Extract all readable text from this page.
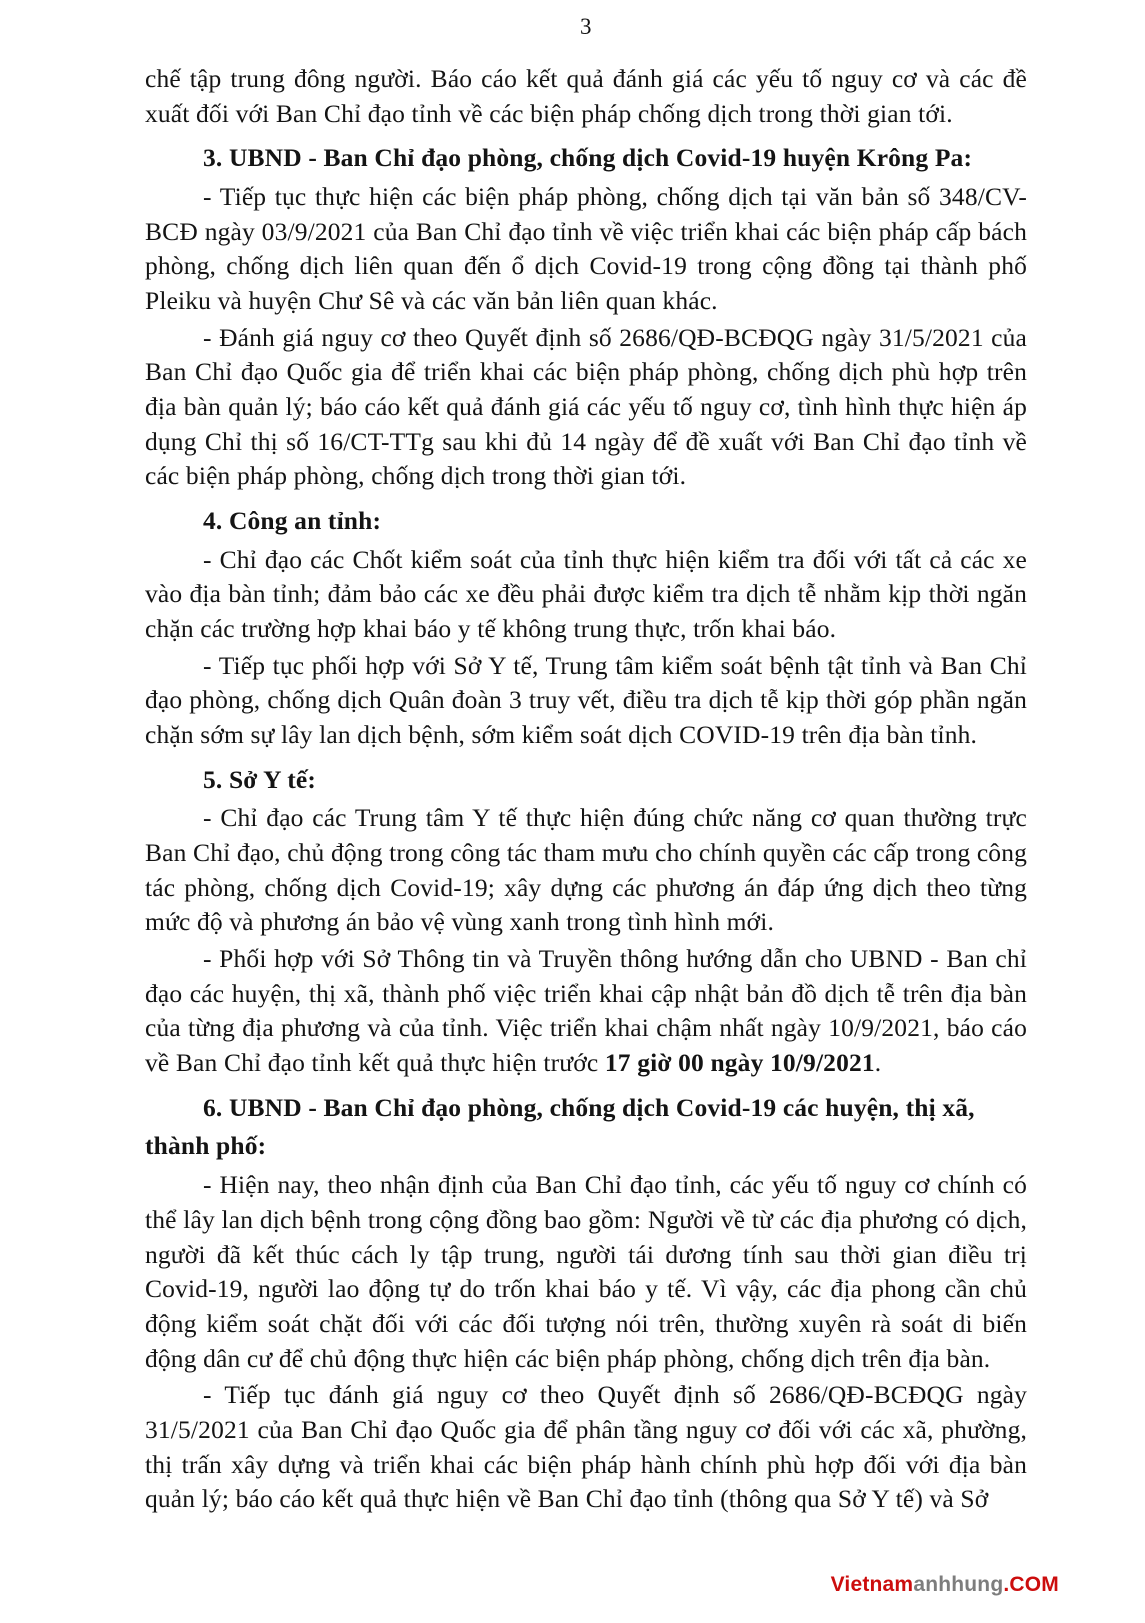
3

chế tập trung đông người. Báo cáo kết quả đánh giá các yếu tố nguy cơ và các đề xuất đối với Ban Chỉ đạo tỉnh về các biện pháp chống dịch trong thời gian tới.

3. UBND - Ban Chỉ đạo phòng, chống dịch Covid-19 huyện Krông Pa:

- Tiếp tục thực hiện các biện pháp phòng, chống dịch tại văn bản số 348/CV-BCĐ ngày 03/9/2021 của Ban Chỉ đạo tỉnh về việc triển khai các biện pháp cấp bách phòng, chống dịch liên quan đến ổ dịch Covid-19 trong cộng đồng tại thành phố Pleiku và huyện Chư Sê và các văn bản liên quan khác.

- Đánh giá nguy cơ theo Quyết định số 2686/QĐ-BCĐQG ngày 31/5/2021 của Ban Chỉ đạo Quốc gia để triển khai các biện pháp phòng, chống dịch phù hợp trên địa bàn quản lý; báo cáo kết quả đánh giá các yếu tố nguy cơ, tình hình thực hiện áp dụng Chỉ thị số 16/CT-TTg sau khi đủ 14 ngày để đề xuất với Ban Chỉ đạo tỉnh về các biện pháp phòng, chống dịch trong thời gian tới.

4. Công an tỉnh:

- Chỉ đạo các Chốt kiểm soát của tỉnh thực hiện kiểm tra đối với tất cả các xe vào địa bàn tỉnh; đảm bảo các xe đều phải được kiểm tra dịch tễ nhằm kịp thời ngăn chặn các trường hợp khai báo y tế không trung thực, trốn khai báo.

- Tiếp tục phối hợp với Sở Y tế, Trung tâm kiểm soát bệnh tật tỉnh và Ban Chỉ đạo phòng, chống dịch Quân đoàn 3 truy vết, điều tra dịch tễ kịp thời góp phần ngăn chặn sớm sự lây lan dịch bệnh, sớm kiểm soát dịch COVID-19 trên địa bàn tỉnh.

5. Sở Y tế:

- Chỉ đạo các Trung tâm Y tế thực hiện đúng chức năng cơ quan thường trực Ban Chỉ đạo, chủ động trong công tác tham mưu cho chính quyền các cấp trong công tác phòng, chống dịch Covid-19; xây dựng các phương án đáp ứng dịch theo từng mức độ và phương án bảo vệ vùng xanh trong tình hình mới.

- Phối hợp với Sở Thông tin và Truyền thông hướng dẫn cho UBND - Ban chỉ đạo các huyện, thị xã, thành phố việc triển khai cập nhật bản đồ dịch tễ trên địa bàn của từng địa phương và của tỉnh. Việc triển khai chậm nhất ngày 10/9/2021, báo cáo về Ban Chỉ đạo tỉnh kết quả thực hiện trước 17 giờ 00 ngày 10/9/2021.

6. UBND - Ban Chỉ đạo phòng, chống dịch Covid-19 các huyện, thị xã,

thành phố:

- Hiện nay, theo nhận định của Ban Chỉ đạo tỉnh, các yếu tố nguy cơ chính có thể lây lan dịch bệnh trong cộng đồng bao gồm: Người về từ các địa phương có dịch, người đã kết thúc cách ly tập trung, người tái dương tính sau thời gian điều trị Covid-19, người lao động tự do trốn khai báo y tế. Vì vậy, các địa phong cần chủ động kiểm soát chặt đối với các đối tượng nói trên, thường xuyên rà soát di biến động dân cư để chủ động thực hiện các biện pháp phòng, chống dịch trên địa bàn.

- Tiếp tục đánh giá nguy cơ theo Quyết định số 2686/QĐ-BCĐQG ngày 31/5/2021 của Ban Chỉ đạo Quốc gia để phân tầng nguy cơ đối với các xã, phường, thị trấn xây dựng và triển khai các biện pháp hành chính phù hợp đối với địa bàn quản lý; báo cáo kết quả thực hiện về Ban Chỉ đạo tỉnh (thông qua Sở Y tế) và Sở

Vietnamanhhung.COM
